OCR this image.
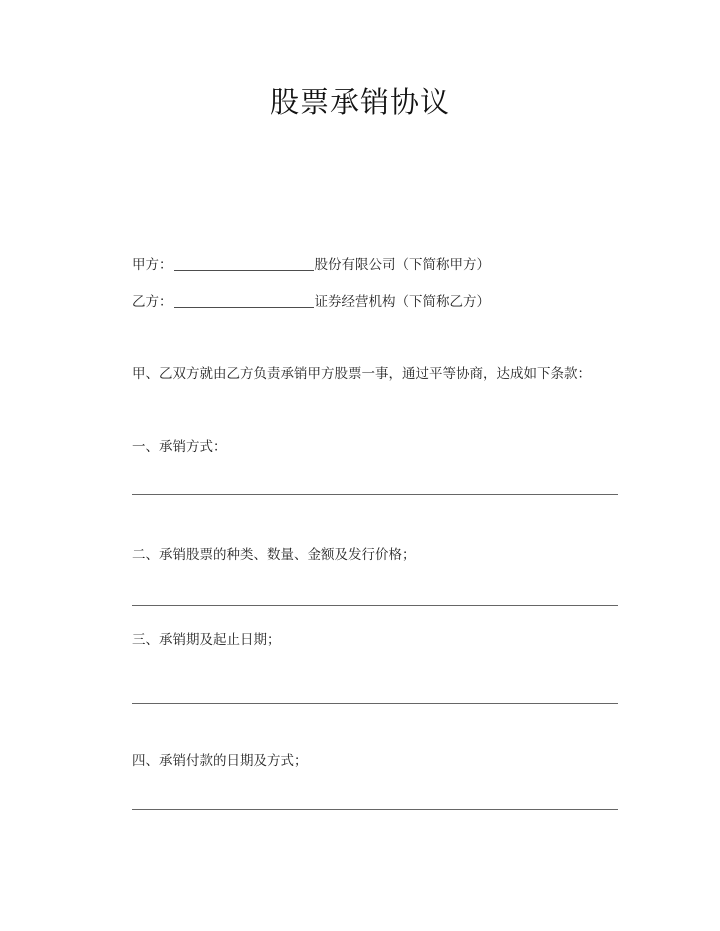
股票承销协议
甲方：	股份有限公司（下简称甲方）
乙方：	证券经营机构（下简称乙方）
甲、乙双方就由乙方负责承销甲方股票一事，通过平等协商，达成如下条款：
一、承销方式：
二、承销股票的种类、数量、金额及发行价格；
三、承销期及起止日期；
四、承销付款的日期及方式；
